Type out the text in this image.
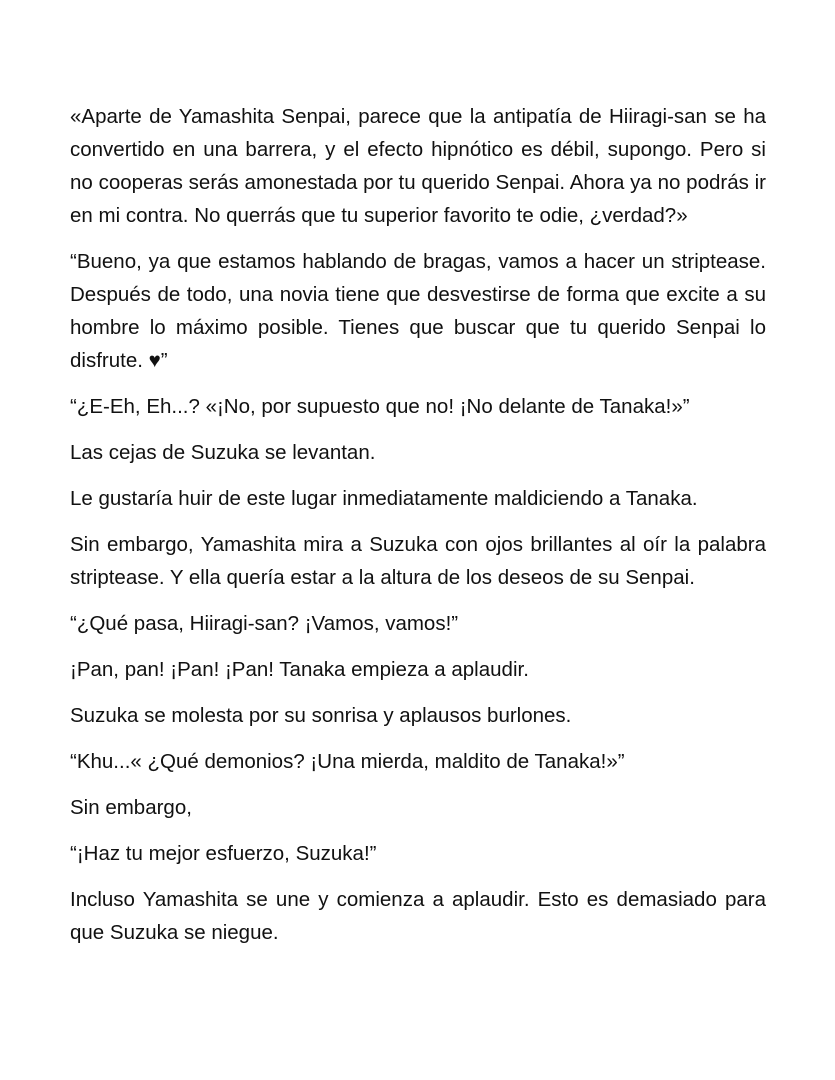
«Aparte de Yamashita Senpai, parece que la antipatía de Hiiragi-san se ha convertido en una barrera, y el efecto hipnótico es débil, supongo. Pero si no cooperas serás amonestada por tu querido Senpai. Ahora ya no podrás ir en mi contra. No querrás que tu superior favorito te odie, ¿verdad?»

“Bueno, ya que estamos hablando de bragas, vamos a hacer un striptease. Después de todo, una novia tiene que desvestirse de forma que excite a su hombre lo máximo posible. Tienes que buscar que tu querido Senpai lo disfrute. ♥”

“¿E-Eh, Eh...? «¡No, por supuesto que no! ¡No delante de Tanaka!»”

Las cejas de Suzuka se levantan.

Le gustaría huir de este lugar inmediatamente maldiciendo a Tanaka.

Sin embargo, Yamashita mira a Suzuka con ojos brillantes al oír la palabra striptease. Y ella quería estar a la altura de los deseos de su Senpai.

“¿Qué pasa, Hiiragi-san? ¡Vamos, vamos!”

¡Pan, pan! ¡Pan! ¡Pan! Tanaka empieza a aplaudir.

Suzuka se molesta por su sonrisa y aplausos burlones.

“Khu...« ¿Qué demonios? ¡Una mierda, maldito de Tanaka!»”

Sin embargo,

“¡Haz tu mejor esfuerzo, Suzuka!”

Incluso Yamashita se une y comienza a aplaudir. Esto es demasiado para que Suzuka se niegue.
